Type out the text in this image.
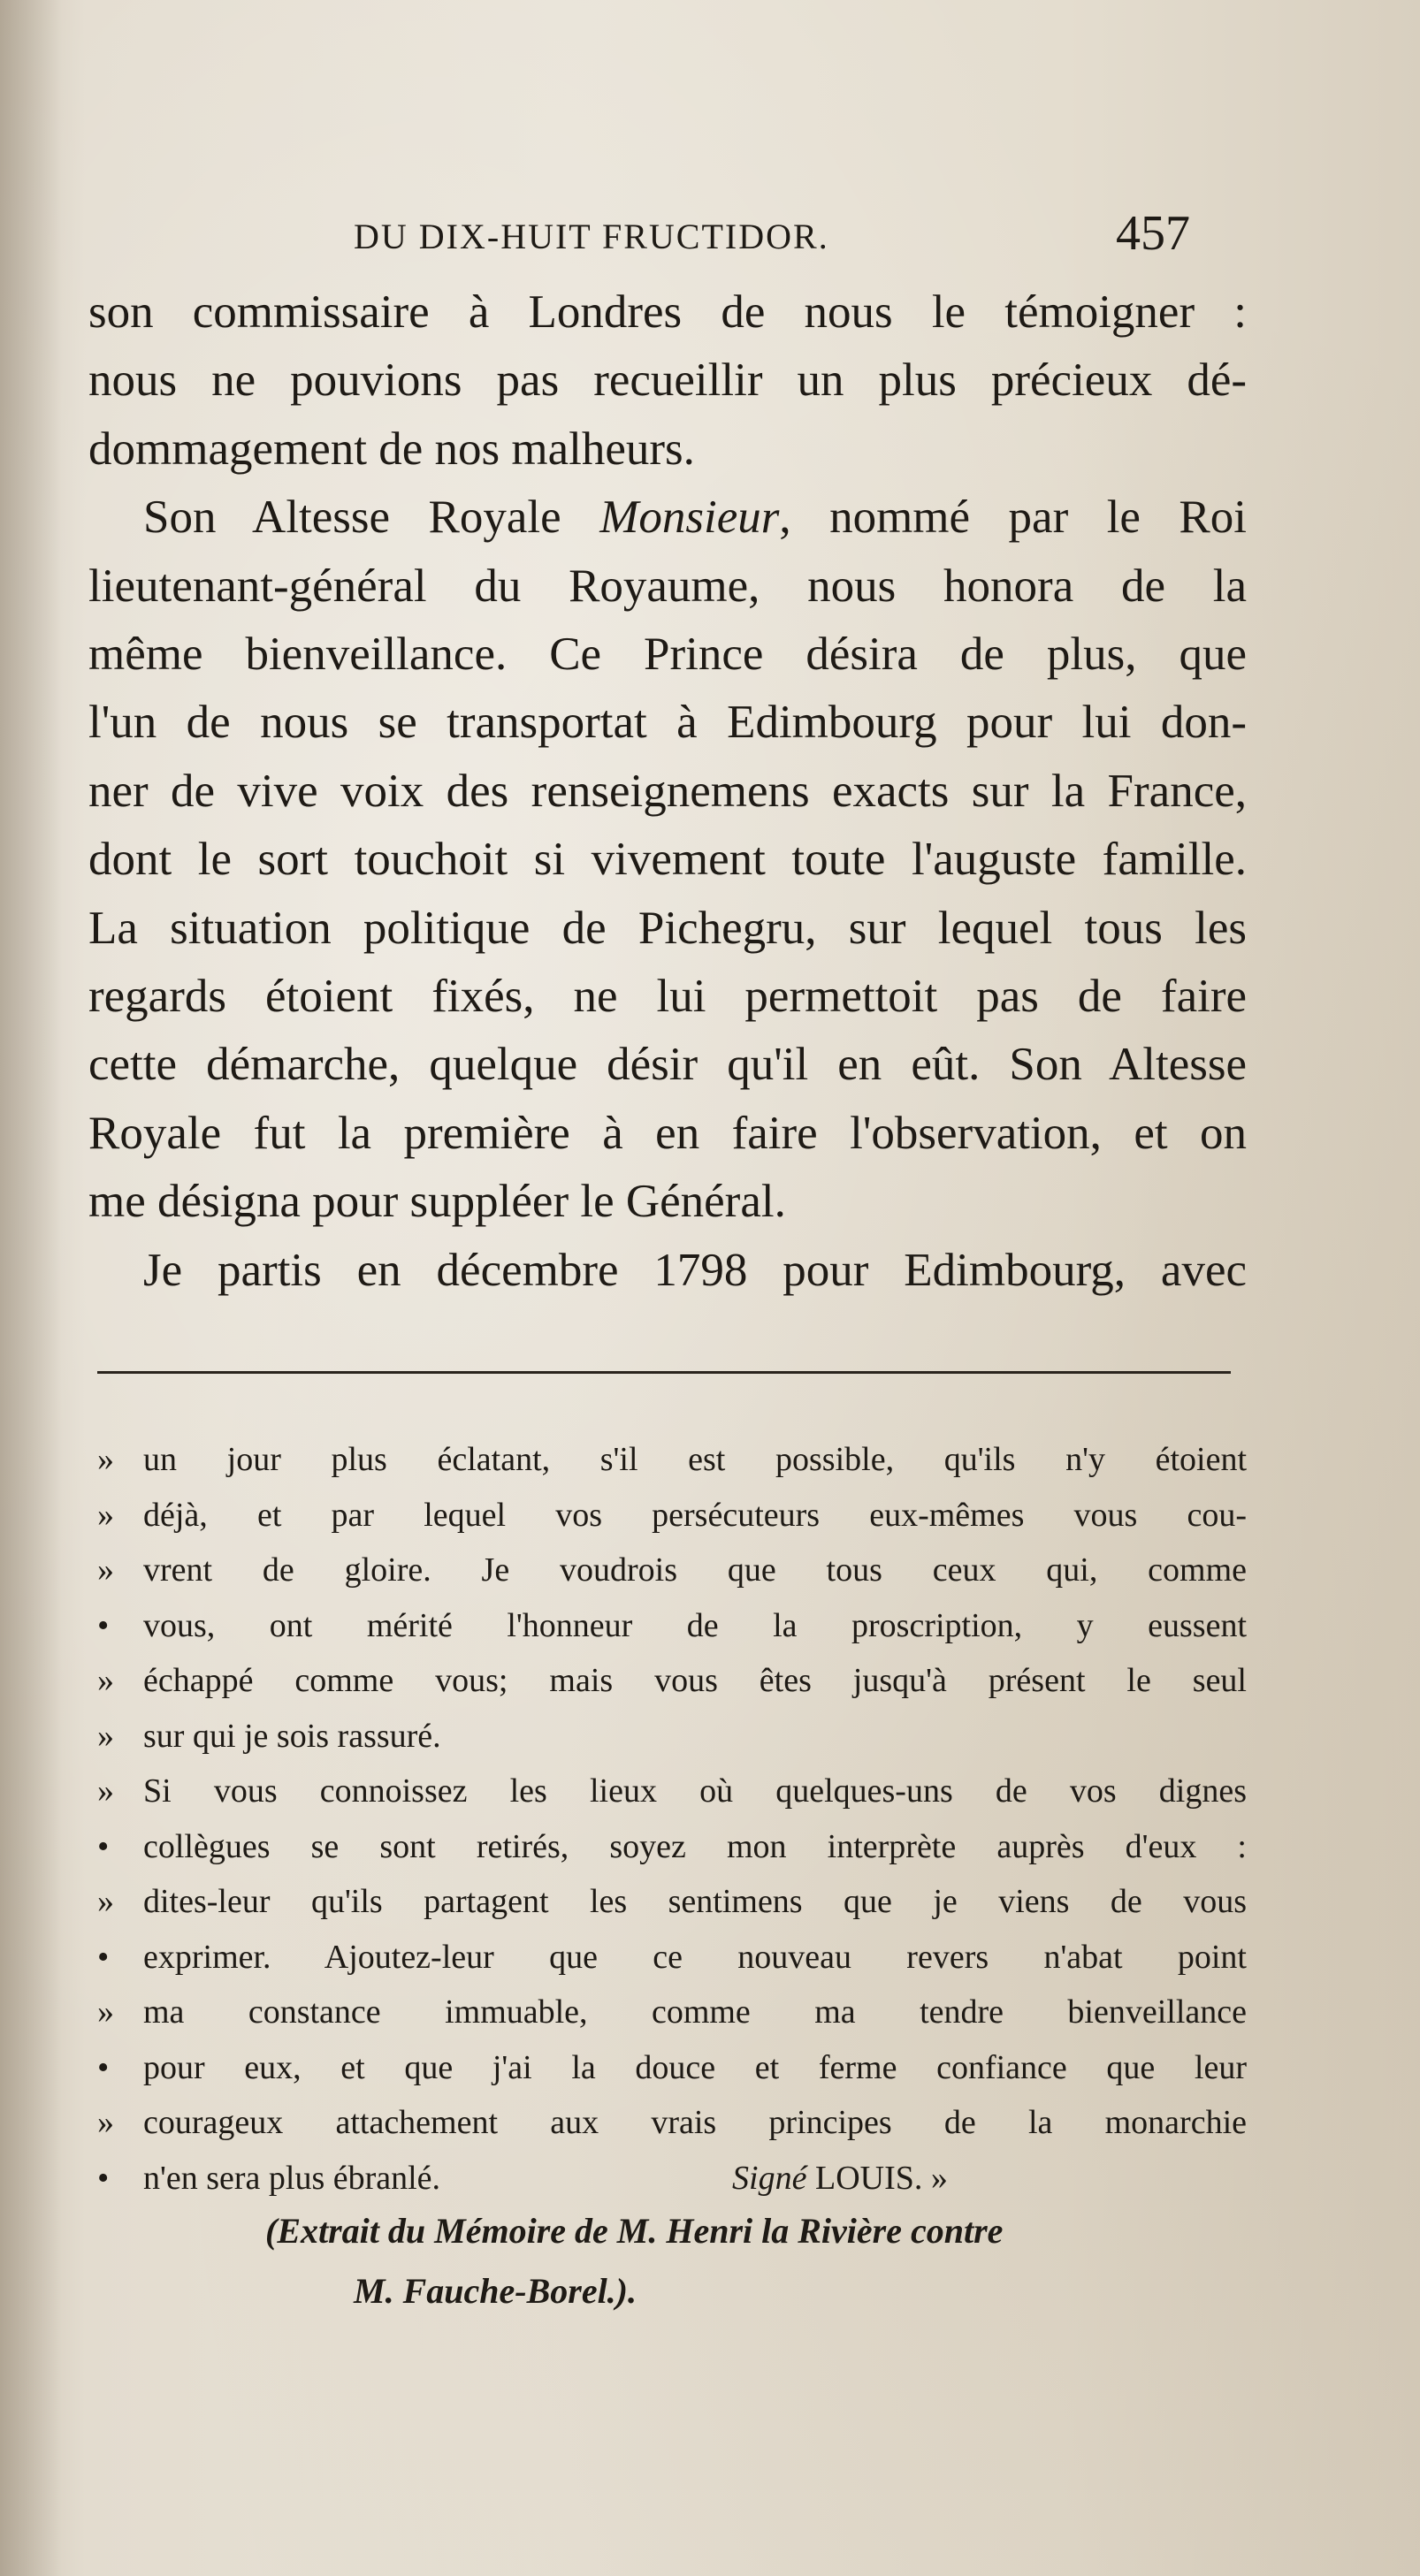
DU DIX-HUIT FRUCTIDOR.	457
son commissaire à Londres de nous le témoigner :
nous ne pouvions pas recueillir un plus précieux dé-
dommagement de nos malheurs.
Son Altesse Royale Monsieur, nommé par le Roi
lieutenant-général du Royaume, nous honora de la
même bienveillance. Ce Prince désira de plus, que
l'un de nous se transportat à Edimbourg pour lui don-
ner de vive voix des renseignemens exacts sur la France,
dont le sort touchoit si vivement toute l'auguste famille.
La situation politique de Pichegru, sur lequel tous les
regards étoient fixés, ne lui permettoit pas de faire
cette démarche, quelque désir qu'il en eût. Son Altesse
Royale fut la première à en faire l'observation, et on
me désigna pour suppléer le Général.
Je partis en décembre 1798 pour Edimbourg, avec
» un jour plus éclatant, s'il est possible, qu'ils n'y étoient
» déjà, et par lequel vos persécuteurs eux-mêmes vous cou-
» vrent de gloire. Je voudrois que tous ceux qui, comme
• vous, ont mérité l'honneur de la proscription, y eussent
» échappé comme vous; mais vous êtes jusqu'à présent le seul
» sur qui je sois rassuré.
» Si vous connoissez les lieux où quelques-uns de vos dignes
• collègues se sont retirés, soyez mon interprète auprès d'eux :
» dites-leur qu'ils partagent les sentimens que je viens de vous
• exprimer. Ajoutez-leur que ce nouveau revers n'abat point
» ma constance immuable, comme ma tendre bienveillance
• pour eux, et que j'ai la douce et ferme confiance que leur
» courageux attachement aux vrais principes de la monarchie
• n'en sera plus ébranlé.	Signé LOUIS. »
(Extrait du Mémoire de M. Henri la Rivière contre
M. Fauche-Borel.).
